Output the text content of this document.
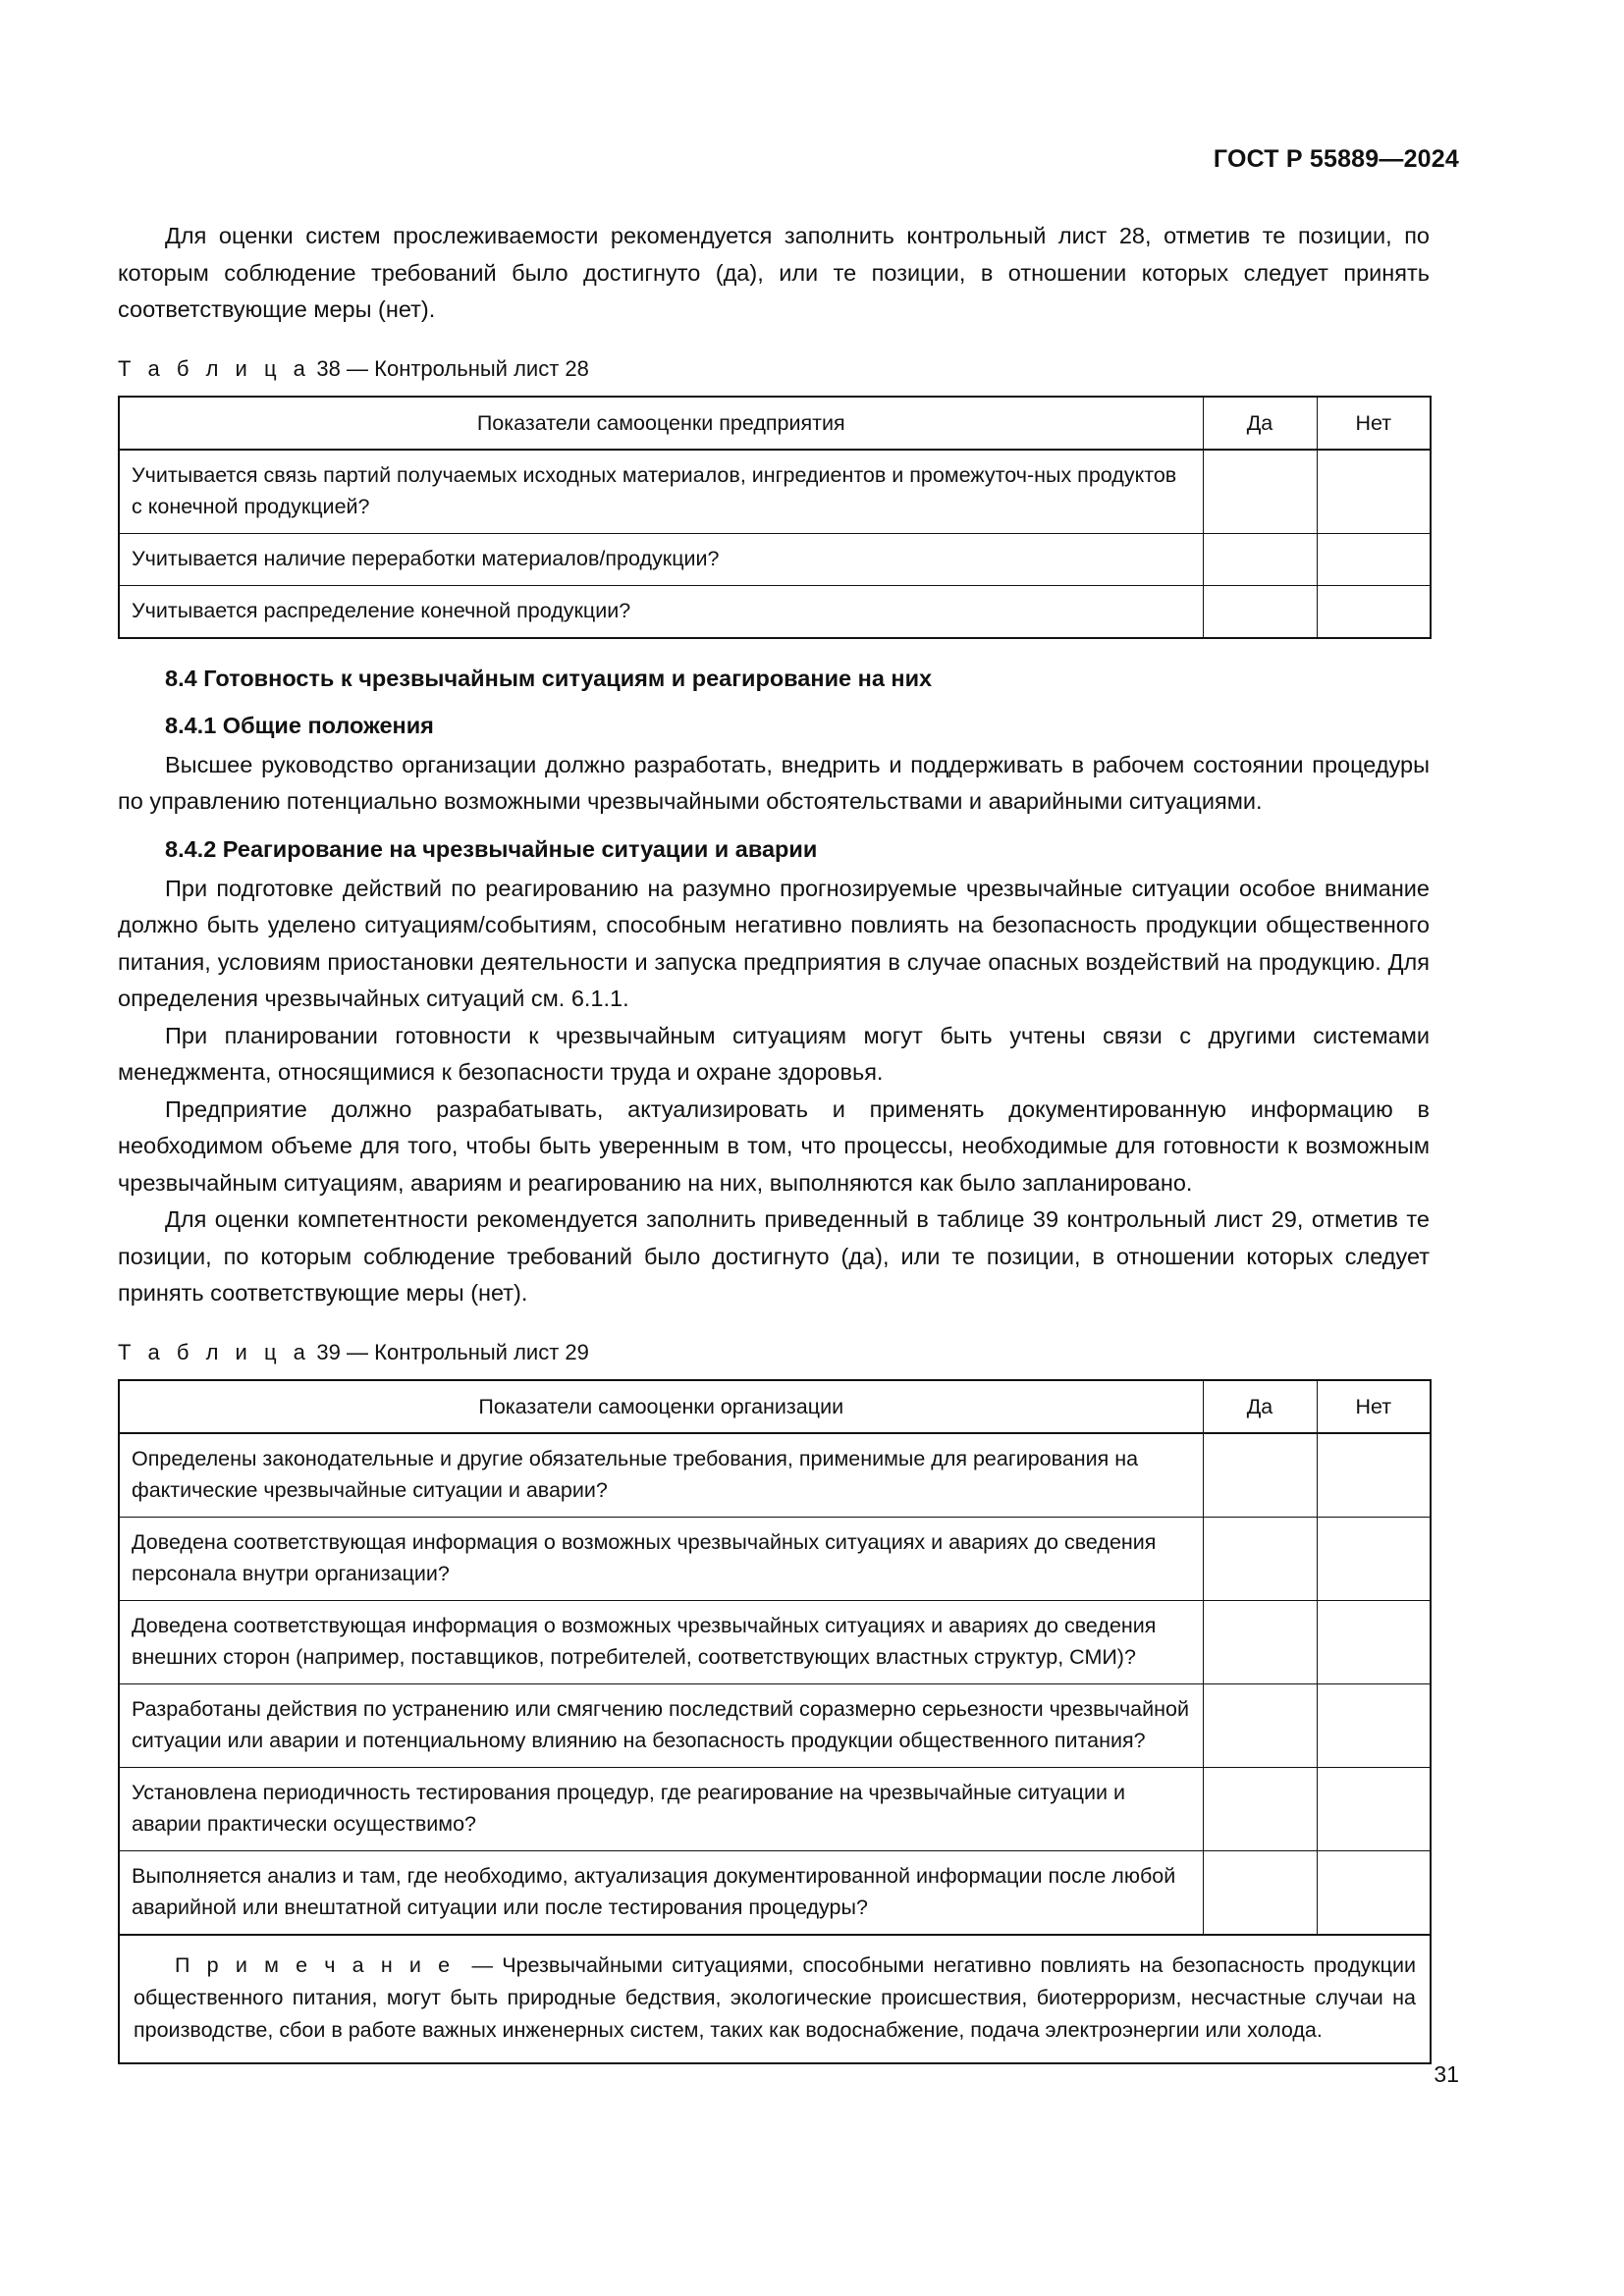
ГОСТ Р 55889—2024

Для оценки систем прослеживаемости рекомендуется заполнить контрольный лист 28, отметив те позиции, по которым соблюдение требований было достигнуто (да), или те позиции, в отношении которых следует принять соответствующие меры (нет).

Т а б л и ц а 38 — Контрольный лист 28
Показатели самооценки предприятия	Да	Нет
Учитывается связь партий получаемых исходных материалов, ингредиентов и промежуточ-ных продуктов с конечной продукцией?		
Учитывается наличие переработки материалов/продукции?		
Учитывается распределение конечной продукции?		
8.4 Готовность к чрезвычайным ситуациям и реагирование на них
8.4.1 Общие положения

Высшее руководство организации должно разработать, внедрить и поддерживать в рабочем состоянии процедуры по управлению потенциально возможными чрезвычайными обстоятельствами и аварийными ситуациями.

8.4.2 Реагирование на чрезвычайные ситуации и аварии

При подготовке действий по реагированию на разумно прогнозируемые чрезвычайные ситуации особое внимание должно быть уделено ситуациям/событиям, способным негативно повлиять на безопасность продукции общественного питания, условиям приостановки деятельности и запуска предприятия в случае опасных воздействий на продукцию. Для определения чрезвычайных ситуаций см. 6.1.1.

При планировании готовности к чрезвычайным ситуациям могут быть учтены связи с другими системами менеджмента, относящимися к безопасности труда и охране здоровья.

Предприятие должно разрабатывать, актуализировать и применять документированную информацию в необходимом объеме для того, чтобы быть уверенным в том, что процессы, необходимые для готовности к возможным чрезвычайным ситуациям, авариям и реагированию на них, выполняются как было запланировано.

Для оценки компетентности рекомендуется заполнить приведенный в таблице 39 контрольный лист 29, отметив те позиции, по которым соблюдение требований было достигнуто (да), или те позиции, в отношении которых следует принять соответствующие меры (нет).

Т а б л и ц а 39 — Контрольный лист 29
Показатели самооценки организации	Да	Нет
Определены законодательные и другие обязательные требования, применимые для реагирования на фактические чрезвычайные ситуации и аварии?		
Доведена соответствующая информация о возможных чрезвычайных ситуациях и авариях до сведения персонала внутри организации?		
Доведена соответствующая информация о возможных чрезвычайных ситуациях и авариях до сведения внешних сторон (например, поставщиков, потребителей, соответствующих властных структур, СМИ)?		
Разработаны действия по устранению или смягчению последствий соразмерно серьезности чрезвычайной ситуации или аварии и потенциальному влиянию на безопасность продукции общественного питания?		
Установлена периодичность тестирования процедур, где реагирование на чрезвычайные ситуации и аварии практически осуществимо?		
Выполняется анализ и там, где необходимо, актуализация документированной информации после любой аварийной или внештатной ситуации или после тестирования процедуры?		
П р и м е ч а н и е — Чрезвычайными ситуациями, способными негативно повлиять на безопасность продукции общественного питания, могут быть природные бедствия, экологические происшествия, биотерроризм, несчастные случаи на производстве, сбои в работе важных инженерных систем, таких как водоснабжение, подача электроэнергии или холода.		
31
